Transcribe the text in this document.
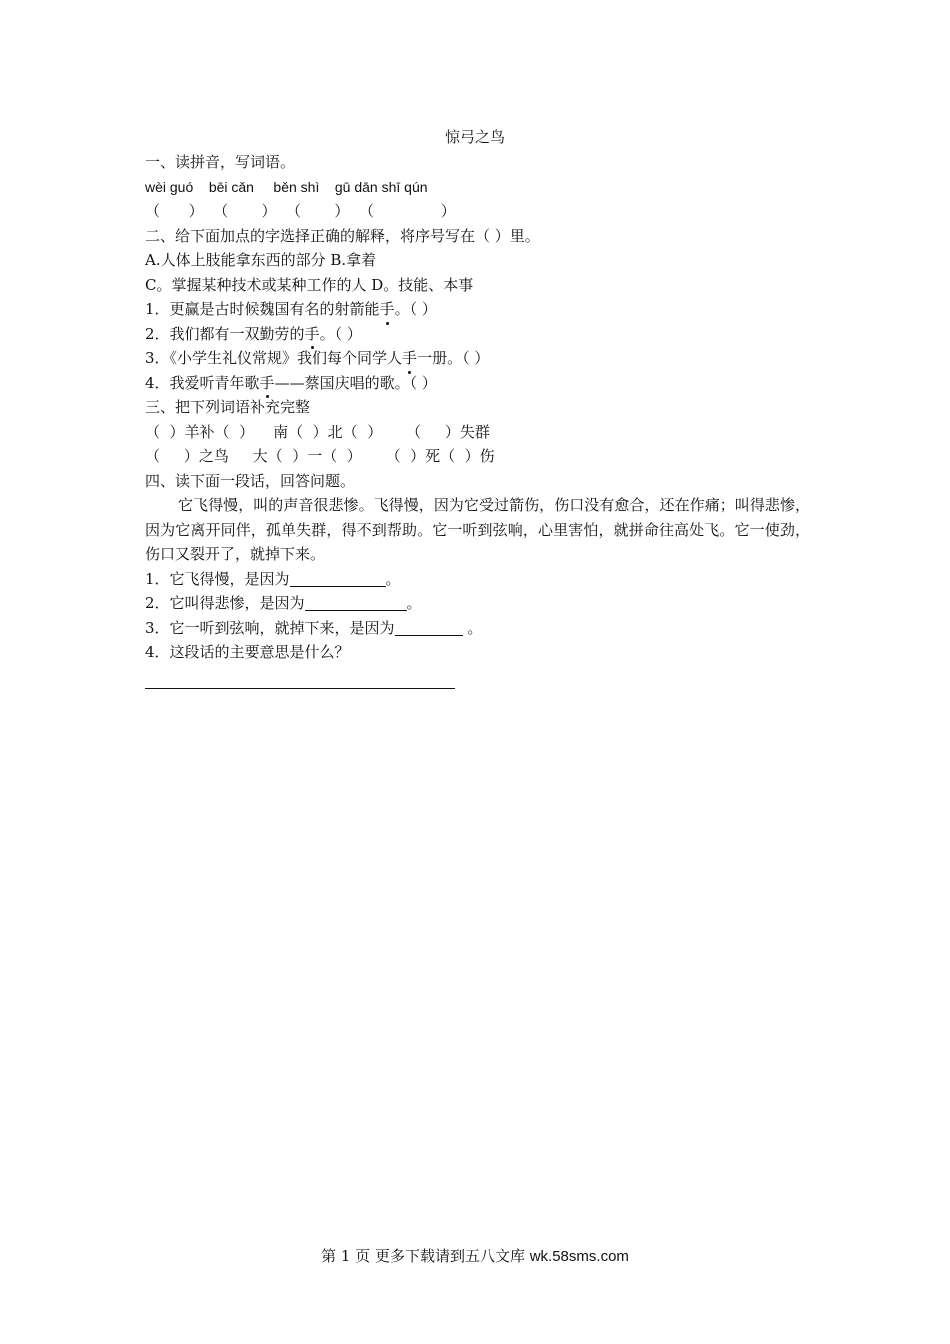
惊弓之鸟
一、读拼音，写词语。
wèi guó    bēi cǎn     běn shì    gū dān shī qún
（      ）  （       ）  （       ）  （              ）
二、给下面加点的字选择正确的解释，将序号写在（ ）里。
A.人体上肢能拿东西的部分 B.拿着
C。掌握某种技术或某种工作的人 D。技能、本事
1．更赢是古时候魏国有名的射箭能手。（ ）
2．我们都有一双勤劳的手。（ ）
3．《小学生礼仪常规》我们每个同学人手一册。（ ）
4．我爱听青年歌手——蔡国庆唱的歌。（ ）
三、把下列词语补充完整
（  ）羊补（  ）    南（  ）北（  ）     （     ）失群
（     ）之鸟     大（  ）一（  ）     （  ）死（  ）伤
四、读下面一段话，回答问题。
它飞得慢，叫的声音很悲惨。飞得慢，因为它受过箭伤，伤口没有愈合，还在作痛；叫得悲惨，因为它离开同伴，孤单失群，得不到帮助。它一听到弦响，心里害怕，就拼命往高处飞。它一使劲，伤口又裂开了，就掉下来。
1．它飞得慢，是因为	。
2．它叫得悲惨，是因为	。
3．它一听到弦响，就掉下来，是因为	。
4．这段话的主要意思是什么？
第 1 页 更多下载请到五八文库 wk.58sms.com
